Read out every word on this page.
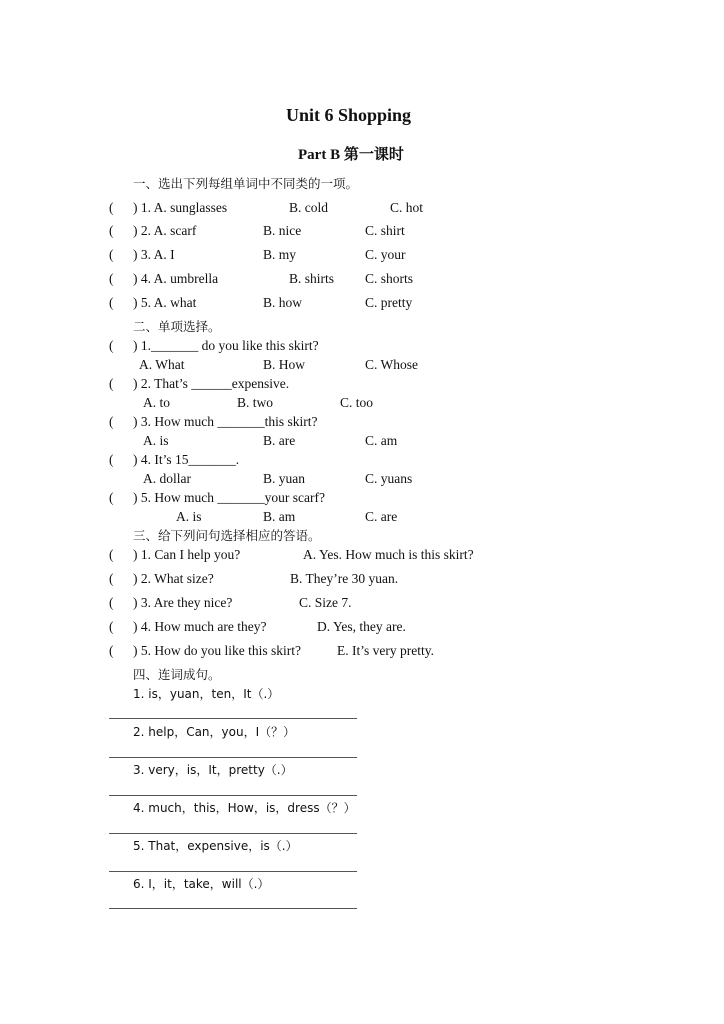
Unit 6 Shopping
Part B 第一课时
一、选出下列每组单词中不同类的一项。
( ) 1. A. sunglasses	B. cold	C. hot
( ) 2. A. scarf	B. nice	C. shirt
( ) 3. A. I	B. my	C. your
( ) 4. A. umbrella	B. shirts C. shorts
( ) 5. A. what	B. how	C. pretty
二、单项选择。
( ) 1._______ do you like this skirt?
A. What	B. How	C. Whose
( ) 2. That’s ______expensive.
A. to	B. two	C. too
( ) 3. How much _______this skirt?
A. is	B. are	C. am
( ) 4. It’s 15_______.
A. dollar	B. yuan	C. yuans
( ) 5. How much _______your scarf?
A. is	B. am	C. are
三、给下列问句选择相应的答语。
( ) 1. Can I help you?	A. Yes. How much is this skirt?
( ) 2. What size?	B. They’re 30 yuan.
( ) 3. Are they nice?	C. Size 7.
( ) 4. How much are they?	D. Yes, they are.
( ) 5. How do you like this skirt?	E. It’s very pretty.
四、连词成句。
1. is，yuan，ten，It（.）
2. help，Can，you，I（？）
3. very，is，It，pretty（.）
4. much，this，How，is，dress（？）
5. That，expensive，is（.）
6. I，it，take，will（.）
